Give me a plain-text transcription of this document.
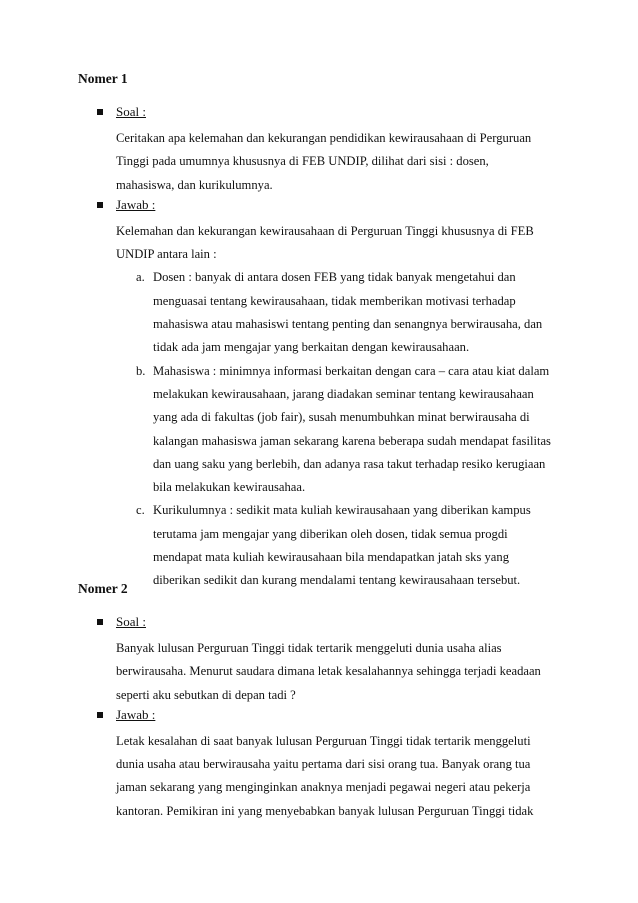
Nomer 1
Soal :

Ceritakan apa kelemahan dan kekurangan pendidikan kewirausahaan di Perguruan
Tinggi pada umumnya khususnya di FEB UNDIP, dilihat dari sisi : dosen,
mahasiswa, dan kurikulumnya.

Jawab :

Kelemahan dan kekurangan kewirausahaan di Perguruan Tinggi khususnya di FEB
UNDIP antara lain :

a. Dosen : banyak di antara dosen FEB yang tidak banyak mengetahui dan
menguasai tentang kewirausahaan, tidak memberikan motivasi terhadap
mahasiswa atau mahasiswi tentang penting dan senangnya berwirausaha, dan
tidak ada jam mengajar yang berkaitan dengan kewirausahaan.

b. Mahasiswa : minimnya informasi berkaitan dengan cara – cara atau kiat dalam
melakukan kewirausahaan, jarang diadakan seminar tentang kewirausahaan
yang ada di fakultas (job fair), susah menumbuhkan minat berwirausaha di
kalangan mahasiswa jaman sekarang karena beberapa sudah mendapat fasilitas
dan uang saku yang berlebih, dan adanya rasa takut terhadap resiko kerugiaan
bila melakukan kewirausahaa.

c. Kurikulumnya : sedikit mata kuliah kewirausahaan yang diberikan kampus
terutama jam mengajar yang diberikan oleh dosen, tidak semua progdi
mendapat mata kuliah kewirausahaan bila mendapatkan jatah sks yang
diberikan sedikit dan kurang mendalami tentang kewirausahaan tersebut.

Nomer 2
Soal :

Banyak lulusan Perguruan Tinggi tidak tertarik menggeluti dunia usaha alias
berwirausaha. Menurut saudara dimana letak kesalahannya sehingga terjadi keadaan
seperti aku sebutkan di depan tadi ?

Jawab :

Letak kesalahan di saat banyak lulusan Perguruan Tinggi tidak tertarik menggeluti
dunia usaha atau berwirausaha yaitu pertama dari sisi orang tua. Banyak orang tua
jaman sekarang yang menginginkan anaknya menjadi pegawai negeri atau pekerja
kantoran. Pemikiran ini yang menyebabkan banyak lulusan Perguruan Tinggi tidak
